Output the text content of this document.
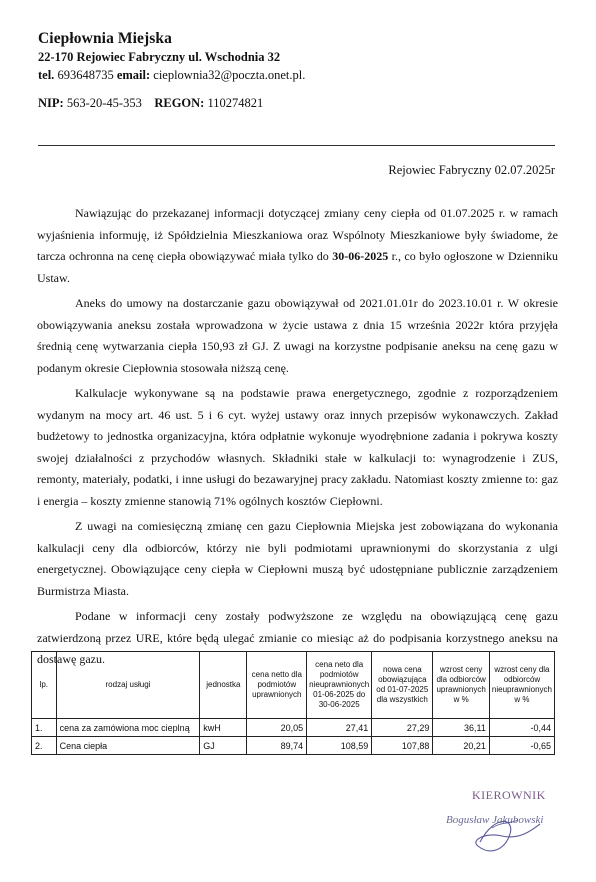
Ciepłownia Miejska
22-170 Rejowiec Fabryczny ul. Wschodnia 32
tel. 693648735 email: cieplownia32@poczta.onet.pl.
NIP: 563-20-45-353 REGON: 110274821
Rejowiec Fabryczny 02.07.2025r

Nawiązując do przekazanej informacji dotyczącej zmiany ceny ciepła od 01.07.2025 r. w ramach wyjaśnienia informuję, iż Spółdzielnia Mieszkaniowa oraz Wspólnoty Mieszkaniowe były świadome, że tarcza ochronna na cenę ciepła obowiązywać miała tylko do 30-06-2025 r., co było ogłoszone w Dzienniku Ustaw.

Aneks do umowy na dostarczanie gazu obowiązywał od 2021.01.01r do 2023.10.01 r. W okresie obowiązywania aneksu została wprowadzona w życie ustawa z dnia 15 września 2022r która przyjęła średnią cenę wytwarzania ciepła 150,93 zł GJ. Z uwagi na korzystne podpisanie aneksu na cenę gazu w podanym okresie Ciepłownia stosowała niższą cenę.

Kalkulacje wykonywane są na podstawie prawa energetycznego, zgodnie z rozporządzeniem wydanym na mocy art. 46 ust. 5 i 6 cyt. wyżej ustawy oraz innych przepisów wykonawczych. Zakład budżetowy to jednostka organizacyjna, która odpłatnie wykonuje wyodrębnione zadania i pokrywa koszty swojej działalności z przychodów własnych. Składniki stałe w kalkulacji to: wynagrodzenie i ZUS, remonty, materiały, podatki, i inne usługi do bezawaryjnej pracy zakładu. Natomiast koszty zmienne to: gaz i energia – koszty zmienne stanowią 71% ogólnych kosztów Ciepłowni.

Z uwagi na comiesięczną zmianę cen gazu Ciepłownia Miejska jest zobowiązana do wykonania kalkulacji ceny dla odbiorców, którzy nie byli podmiotami uprawnionymi do skorzystania z ulgi energetycznej. Obowiązujące ceny ciepła w Ciepłowni muszą być udostępniane publicznie zarządzeniem Burmistrza Miasta.

Podane w informacji ceny zostały podwyższone ze względu na obowiązującą cenę gazu zatwierdzoną przez URE, które będą ulegać zmianie co miesiąc aż do podpisania korzystnego aneksu na dostawę gazu.

lp.	rodzaj usługi	jednostka	cena netto dla podmiotów uprawnionych	cena neto dla podmiotów nieuprawnionych 01-06-2025 do 30-06-2025	nowa cena obowiązująca od 01-07-2025 dla wszystkich	wzrost ceny dla odbiorców uprawnionych w %	wzrost ceny dla odbiorców nieuprawnionych w %
1.	cena za zamówiona moc cieplną	kwH	20,05	27,41	27,29	36,11	-0,44
2.	Cena ciepła	GJ	89,74	108,59	107,88	20,21	-0,65
KIEROWNIK
Bogusław Jakubowski
